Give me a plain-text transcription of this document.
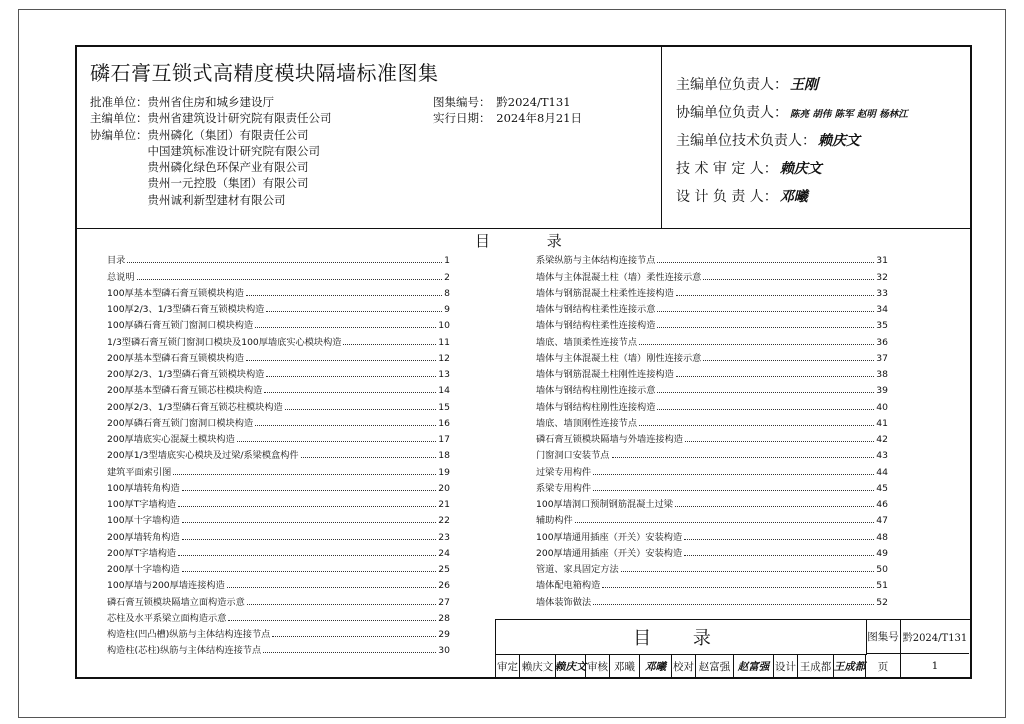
磷石膏互锁式高精度模块隔墙标准图集
批准单位：贵州省住房和城乡建设厅
主编单位：贵州省建筑设计研究院有限责任公司
协编单位：贵州磷化（集团）有限责任公司
　　　　　中国建筑标准设计研究院有限公司
　　　　　贵州磷化绿色环保产业有限公司
　　　　　贵州一元控股（集团）有限公司
　　　　　贵州诚利新型建材有限公司
图集编号：　黔2024/T131
实行日期：　2024年8月21日
主编单位负责人： 王刚
协编单位负责人： 陈亮 胡伟 陈军 赵明 杨林江
主编单位技术负责人： 赖庆文
技 术 审 定 人： 赖庆文
设 计 负 责 人： 邓曦
目 录
目录	1
总说明	2
100厚基本型磷石膏互锁模块构造	8
100厚2/3、1/3型磷石膏互锁模块构造	9
100厚磷石膏互锁门窗洞口模块构造	10
1/3型磷石膏互锁门窗洞口模块及100厚墙底实心模块构造	11
200厚基本型磷石膏互锁模块构造	12
200厚2/3、1/3型磷石膏互锁模块构造	13
200厚基本型磷石膏互锁芯柱模块构造	14
200厚2/3、1/3型磷石膏互锁芯柱模块构造	15
200厚磷石膏互锁门窗洞口模块构造	16
200厚墙底实心混凝土模块构造	17
200厚1/3型墙底实心模块及过梁/系梁模盒构件	18
建筑平面索引图	19
100厚墙转角构造	20
100厚T字墙构造	21
100厚十字墙构造	22
200厚墙转角构造	23
200厚T字墙构造	24
200厚十字墙构造	25
100厚墙与200厚墙连接构造	26
磷石膏互锁模块隔墙立面构造示意	27
芯柱及水平系梁立面构造示意	28
构造柱(凹凸槽)纵筋与主体结构连接节点	29
构造柱(芯柱)纵筋与主体结构连接节点	30
系梁纵筋与主体结构连接节点	31
墙体与主体混凝土柱（墙）柔性连接示意	32
墙体与钢筋混凝土柱柔性连接构造	33
墙体与钢结构柱柔性连接示意	34
墙体与钢结构柱柔性连接构造	35
墙底、墙顶柔性连接节点	36
墙体与主体混凝土柱（墙）刚性连接示意	37
墙体与钢筋混凝土柱刚性连接构造	38
墙体与钢结构柱刚性连接示意	39
墙体与钢结构柱刚性连接构造	40
墙底、墙顶刚性连接节点	41
磷石膏互锁模块隔墙与外墙连接构造	42
门窗洞口安装节点	43
过梁专用构件	44
系梁专用构件	45
100厚墙洞口预制钢筋混凝土过梁	46
辅助构件	47
100厚墙通用插座（开关）安装构造	48
200厚墙通用插座（开关）安装构造	49
管道、家具固定方法	50
墙体配电箱构造	51
墙体装饰做法	52
目 录	图集号 黔2024/T131
审定 赖庆文 赖庆文 审核 邓曦 邓曦 校对 赵富强 赵富强 设计 王成都 王成都	页	1
